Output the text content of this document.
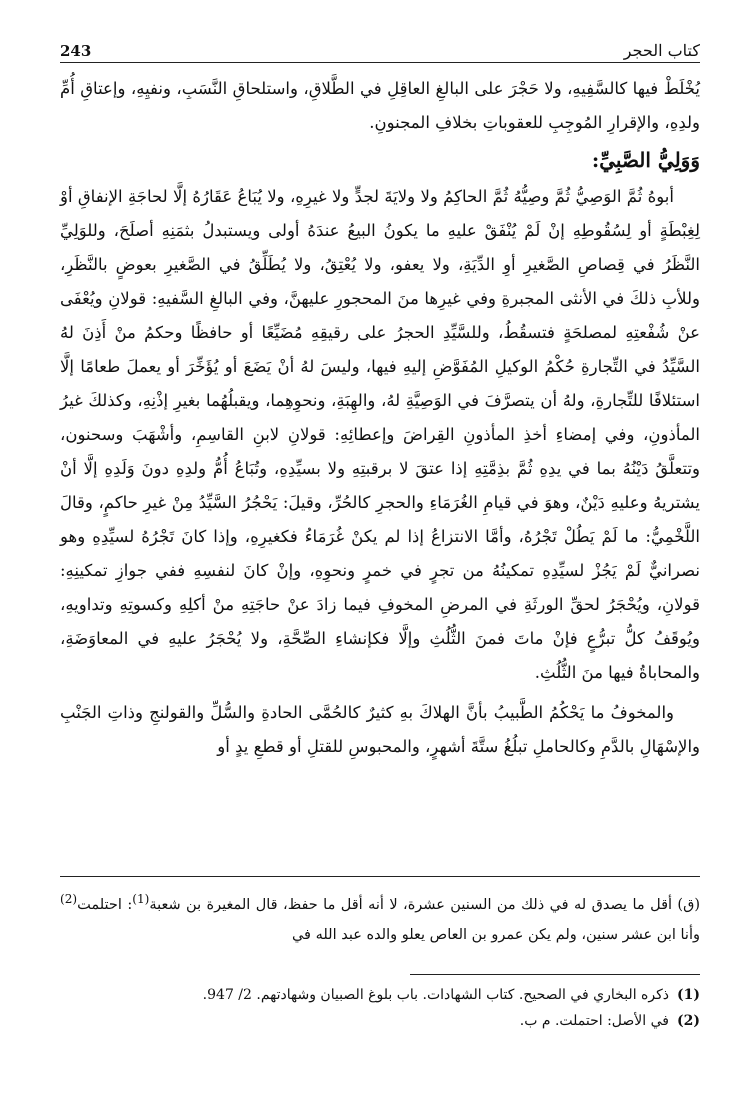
243	كتاب الحجر

يُخْلَطْ فيها كالسَّفِيهِ، ولا حَجْرَ على البالغِ العاقِلِ في الطَّلاقِ، واستلحاقِ النَّسَبِ، ونفيِهِ، وإعتاقِ أُمِّ ولدِهِ، والإقرارِ المُوجِبِ للعقوباتِ بخلافِ المجنونِ.

وَوَلِيُّ الصَّبِيِّ:

أبوهُ ثُمَّ الوَصِيُّ ثُمَّ وصِيُّهُ ثُمَّ الحاكِمُ ولا ولايَةَ لجدٍّ ولا غيرِهِ، ولا يُبَاعُ عَقَارُهُ إلَّا لحاجَةِ الإنفاقِ أوْ لِغِبْطَةٍ أو لِسُقُوطِهِ إنْ لَمْ يُنْفَقْ عليهِ ما يكونُ البيعُ عندَهُ أولى ويستبدلُ بثمَنِهِ أصلَحَ، وللوَلِيِّ النَّظَرُ في قِصاصِ الصَّغيرِ أوِ الدِّيَةِ، ولا يعفو، ولا يُعْتِقُ، ولا يُطَلِّقُ في الصَّغيرِ بعوضٍ بالنَّظَرِ، وللأبِ ذلكَ في الأنثى المجبرةِ وفي غيرِها منَ المحجورِ عليهنَّ، وفي البالغِ السَّفيهِ: قولانِ ويُعْفَى عنْ شُفْعتِهِ لمصلحَةٍ فتسقُطُ، وللسَّيِّدِ الحجرُ على رقيقِهِ مُضَيِّعًا أو حافظًا وحكمُ منْ أَذِنَ لهُ السَّيِّدُ في التِّجارةِ حُكْمُ الوكيلِ المُفَوَّضِ إليهِ فيها، وليسَ لهُ أنْ يَضَعَ أو يُؤَخِّرَ أو يعملَ طعامًا إلَّا استئلافًا للتِّجارةِ، ولهُ أن يتصرَّفَ في الوَصِيَّةِ لهُ، والهِبَةِ، ونحوِهِما، ويقبلُهُما بغيرِ إذْنِهِ، وكذلكَ غيرُ المأذونِ، وفي إمضاءِ أخذِ المأذونِ القِراضَ وإعطائِهِ: قولانِ لابنِ القاسِمِ، وأشْهَبَ وسحنون، وتتعلَّقُ دَيْنُهُ بما في يدِهِ ثُمَّ بذِمَّتِهِ إذا عتقَ لا برقبتِهِ ولا بسيِّدِهِ، وتُبَاعُ أُمُّ ولدِهِ دونَ وَلَدِهِ إلَّا أنْ يشتريهُ وعليهِ دَيْنٌ، وهوَ في قيامِ الغُرَمَاءِ والحجرِ كالحُرِّ، وقيلَ: يَحْجُرُ السَّيِّدُ مِنْ غيرِ حاكمٍ، وقالَ اللَّخْمِيُّ: ما لَمْ يَطُلْ تَجْرُهُ، وأمَّا الانتزاعُ إذا لم يكنْ غُرَمَاءُ فكغيرِهِ، وإذا كانَ تَجْرُهُ لسيِّدِهِ وهو نصرانيٌّ لَمْ يَجُزْ لسيِّدِهِ تمكينُهُ من تجرٍ في خمرٍ ونحوِهِ، وإنْ كانَ لنفسِهِ ففي جوازِ تمكينِهِ: قولانِ، ويُحْجَرُ لحقِّ الورثَةِ في المرضِ المخوفِ فيما زادَ عنْ حاجَتِهِ منْ أكلِهِ وكسوتِهِ وتداويهِ، ويُوقَفُ كلُّ تبرُّعٍ فإنْ ماتَ فمنَ الثُّلُثِ وإلَّا فكإنشاءِ الصِّحَّةِ، ولا يُحْجَرُ عليهِ في المعاوَضَةِ، والمحاباةُ فيها منَ الثُّلُثِ.

والمخوفُ ما يَحْكُمُ الطَّبيبُ بأنَّ الهلاكَ بهِ كثيرٌ كالحُمَّى الحادةِ والسُّلِّ والقولنجِ وذاتِ الجَنْبِ والإسْهَالِ بالدَّمِ وكالحاملِ تبلُغُ ستَّةَ أشهرٍ، والمحبوسِ للقتلِ أو قطعِ يدٍ أو

(ق) أقل ما يصدق له في ذلك من السنين عشرة، لا أنه أقل ما حفظ، قال المغيرة بن شعبة$^{(1)}$: احتلمت$^{(2)}$ وأنا ابن عشر سنين، ولم يكن عمرو بن العاص يعلو والده عبد الله في

(1)ذكره البخاري في الصحيح. كتاب الشهادات. باب بلوغ الصبيان وشهادتهم. 2/ 947.

(2)في الأصل: احتملت. م ب.
